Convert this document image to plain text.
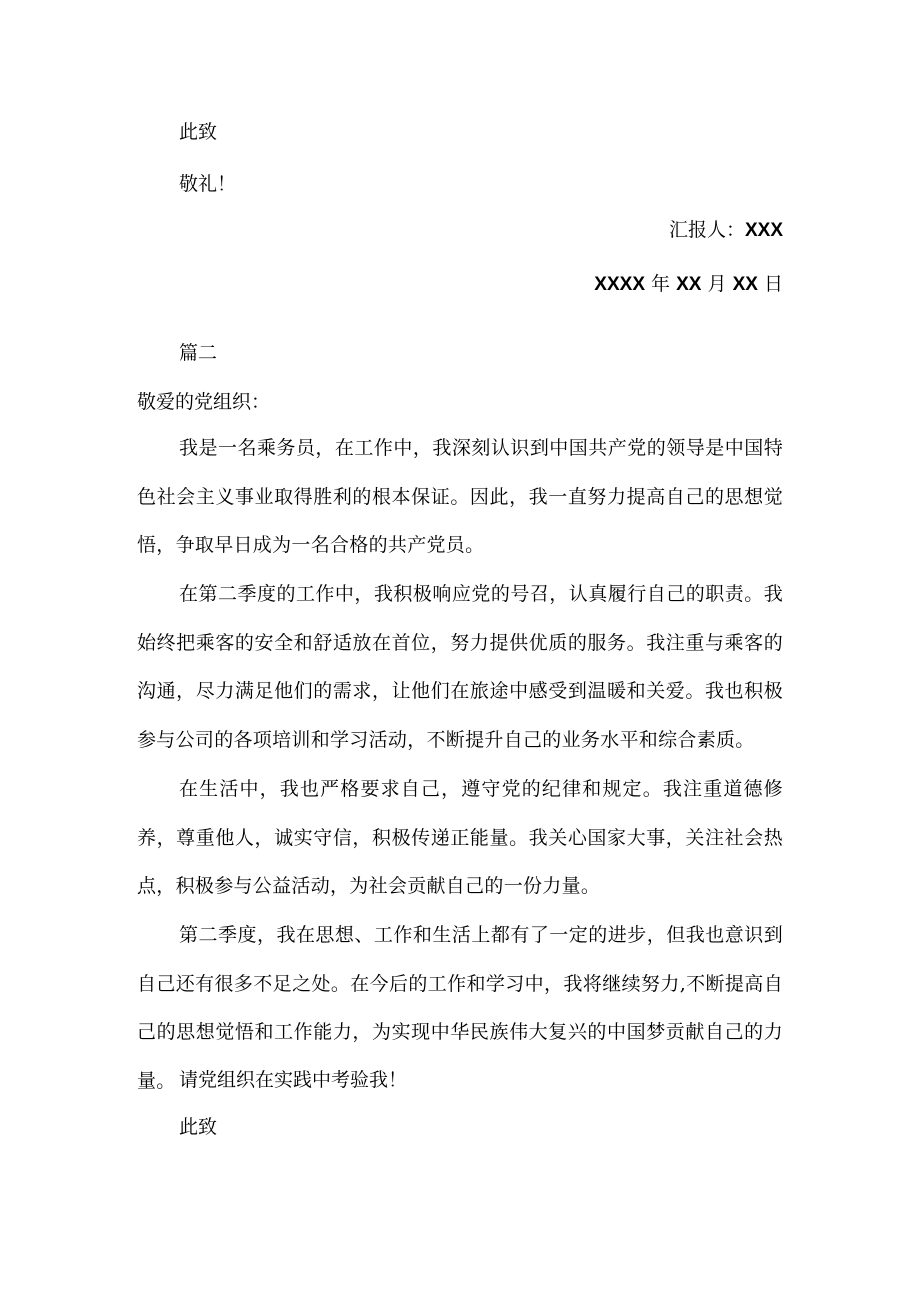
此致
敬礼！
汇报人：XXX
XXXX 年 XX 月 XX 日
篇二
敬爱的党组织：
我是一名乘务员，在工作中，我深刻认识到中国共产党的领导是中国特色社会主义事业取得胜利的根本保证。因此，我一直努力提高自己的思想觉悟，争取早日成为一名合格的共产党员。
在第二季度的工作中，我积极响应党的号召，认真履行自己的职责。我始终把乘客的安全和舒适放在首位，努力提供优质的服务。我注重与乘客的沟通，尽力满足他们的需求，让他们在旅途中感受到温暖和关爱。我也积极参与公司的各项培训和学习活动，不断提升自己的业务水平和综合素质。
在生活中，我也严格要求自己，遵守党的纪律和规定。我注重道德修养，尊重他人，诚实守信，积极传递正能量。我关心国家大事，关注社会热点，积极参与公益活动，为社会贡献自己的一份力量。
第二季度，我在思想、工作和生活上都有了一定的进步，但我也意识到自己还有很多不足之处。在今后的工作和学习中，我将继续努力,不断提高自己的思想觉悟和工作能力，为实现中华民族伟大复兴的中国梦贡献自己的力量。 请党组织在实践中考验我！
此致
